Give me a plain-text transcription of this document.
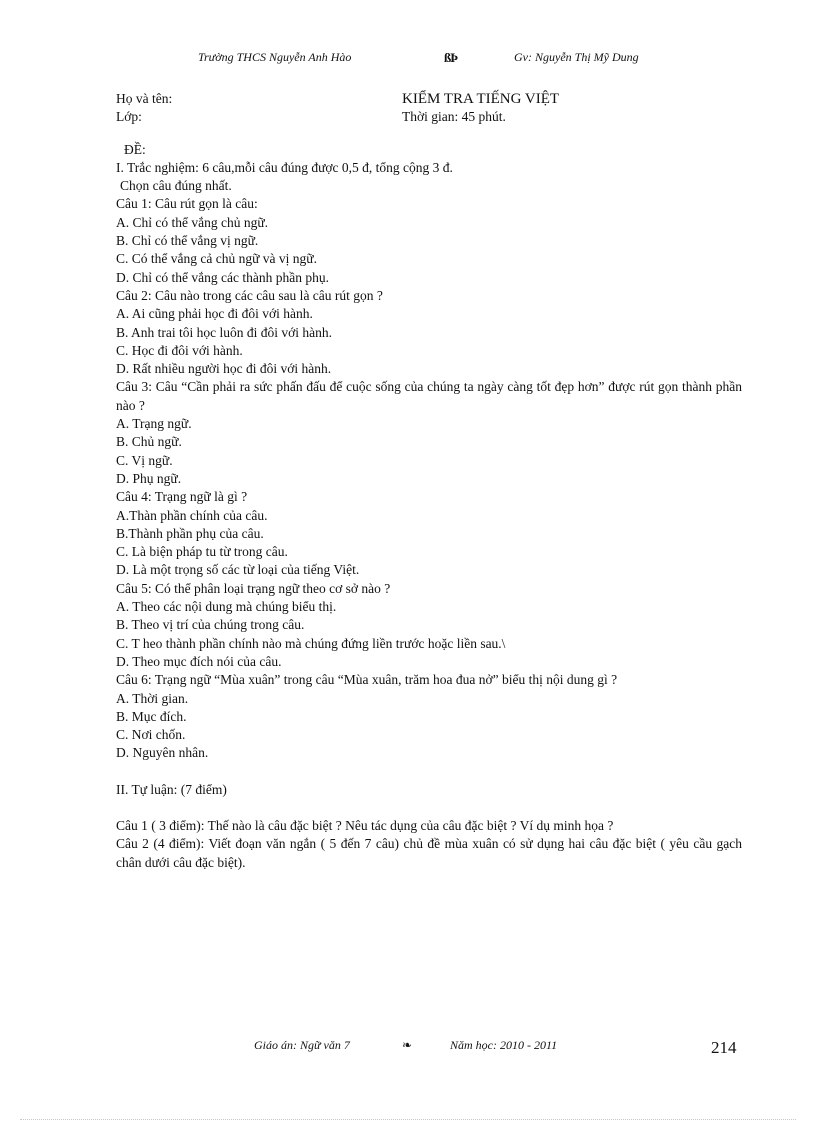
Trường THCS Nguyễn Anh Hào	ßÞ	Gv: Nguyễn Thị Mỹ Dung
Họ và tên:	KIỂM TRA TIẾNG VIỆT
Lớp:	Thời gian: 45 phút.
ĐỀ:
I. Trắc nghiệm: 6 câu,mỗi câu đúng được 0,5 đ, tổng cộng 3 đ.
Chọn câu đúng nhất.
Câu 1: Câu rút gọn là câu:
A. Chỉ có thể vắng chủ ngữ.
B. Chỉ có thể vắng vị ngữ.
C. Có thể vắng cả chủ ngữ và vị ngữ.
D. Chỉ có thể vắng các thành phần phụ.
Câu 2: Câu nào trong các câu sau là câu rút gọn ?
A. Ai cũng phải học đi đôi với hành.
B. Anh trai tôi học luôn đi đôi với hành.
C. Học đi đôi với hành.
D. Rất nhiều người học đi đôi với hành.
Câu 3: Câu “Cần phải ra sức phấn đấu để cuộc sống của chúng ta ngày càng tốt đẹp hơn” được rút gọn thành phần nào ?
A. Trạng ngữ.
B. Chủ ngữ.
C. Vị ngữ.
D. Phụ ngữ.
Câu 4: Trạng ngữ là gì ?
A.Thàn phần chính của câu.
B.Thành phần phụ của câu.
C. Là biện pháp tu từ trong câu.
D. Là một trọng số các từ loại của tiếng Việt.
Câu 5: Có thể phân loại trạng ngữ theo cơ sở nào ?
A. Theo các nội dung mà chúng biểu thị.
B. Theo vị trí của chúng trong câu.
C. T heo thành phần chính nào mà chúng đứng liền trước hoặc liền sau.\
D. Theo mục đích nói của câu.
Câu 6: Trạng ngữ “Mùa xuân” trong câu “Mùa xuân, trăm hoa đua nở” biểu thị nội dung gì ?
A. Thời gian.
B. Mục đích.
C. Nơi chốn.
D. Nguyên nhân.
II. Tự luận: (7 điểm)
Câu 1 ( 3 điểm): Thế nào là câu đặc biệt ? Nêu tác dụng của câu đặc biệt ? Ví dụ minh họa ?
Câu 2 (4 điểm): Viết đoạn văn ngắn ( 5 đến 7 câu) chủ đề mùa xuân có sử dụng hai câu đặc biệt ( yêu cầu gạch chân dưới câu đặc biệt).
Giáo án: Ngữ văn 7	❧	Năm học: 2010 - 2011	214
